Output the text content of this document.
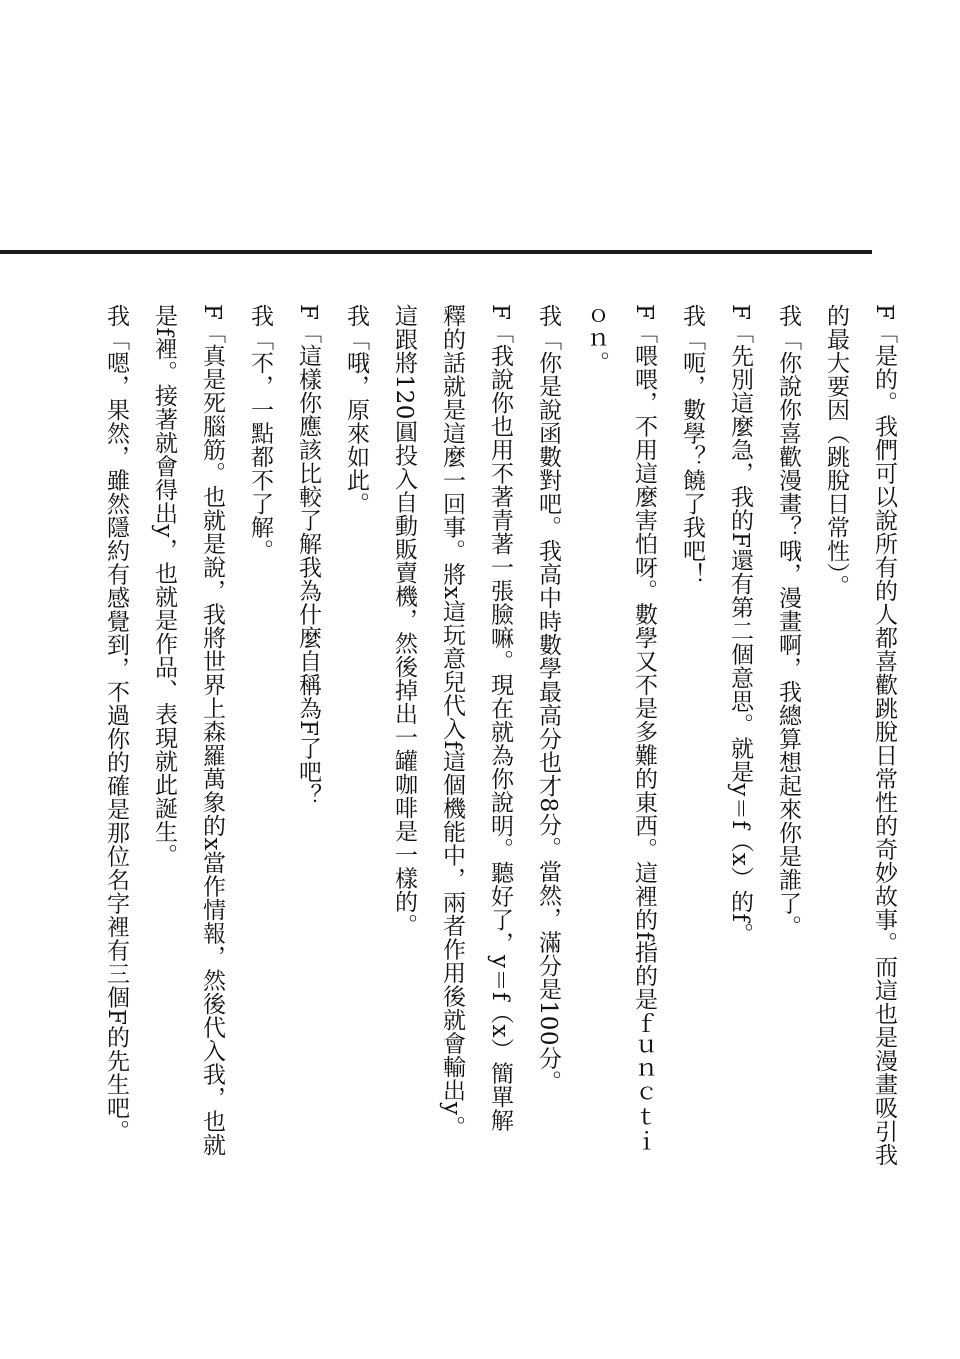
F「是的。我們可以說所有的人都喜歡跳脫日常性的奇妙故事。而這也是漫畫吸引我
的最大要因（跳脫日常性）。
我「你說你喜歡漫畫？哦，漫畫啊，我總算想起來你是誰了。
F「先別這麼急，我的F還有第二個意思。就是y＝f（x）的f。
我「呃，數學？饒了我吧！
F「喂喂，不用這麼害怕呀。數學又不是多難的東西。這裡的f指的是ｆｕｎｃｔｉ
ｏｎ。
我「你是說函數對吧。我高中時數學最高分也才8分。當然，滿分是100分。
F「我說你也用不著青著一張臉嘛。現在就為你說明。聽好了，y＝f（x）簡單解
釋的話就是這麼一回事。將x這玩意兒代入f這個機能中，兩者作用後就會輸出y。
這跟將120圓投入自動販賣機，然後掉出一罐咖啡是一樣的。
我「哦，原來如此。
F「這樣你應該比較了解我為什麼自稱為F了吧？
我「不，一點都不了解。
F「真是死腦筋。也就是說，我將世界上森羅萬象的x當作情報，然後代入我，也就
是f裡。接著就會得出y，也就是作品、表現就此誕生。
我「嗯，果然，雖然隱約有感覺到，不過你的確是那位名字裡有三個F的先生吧。
